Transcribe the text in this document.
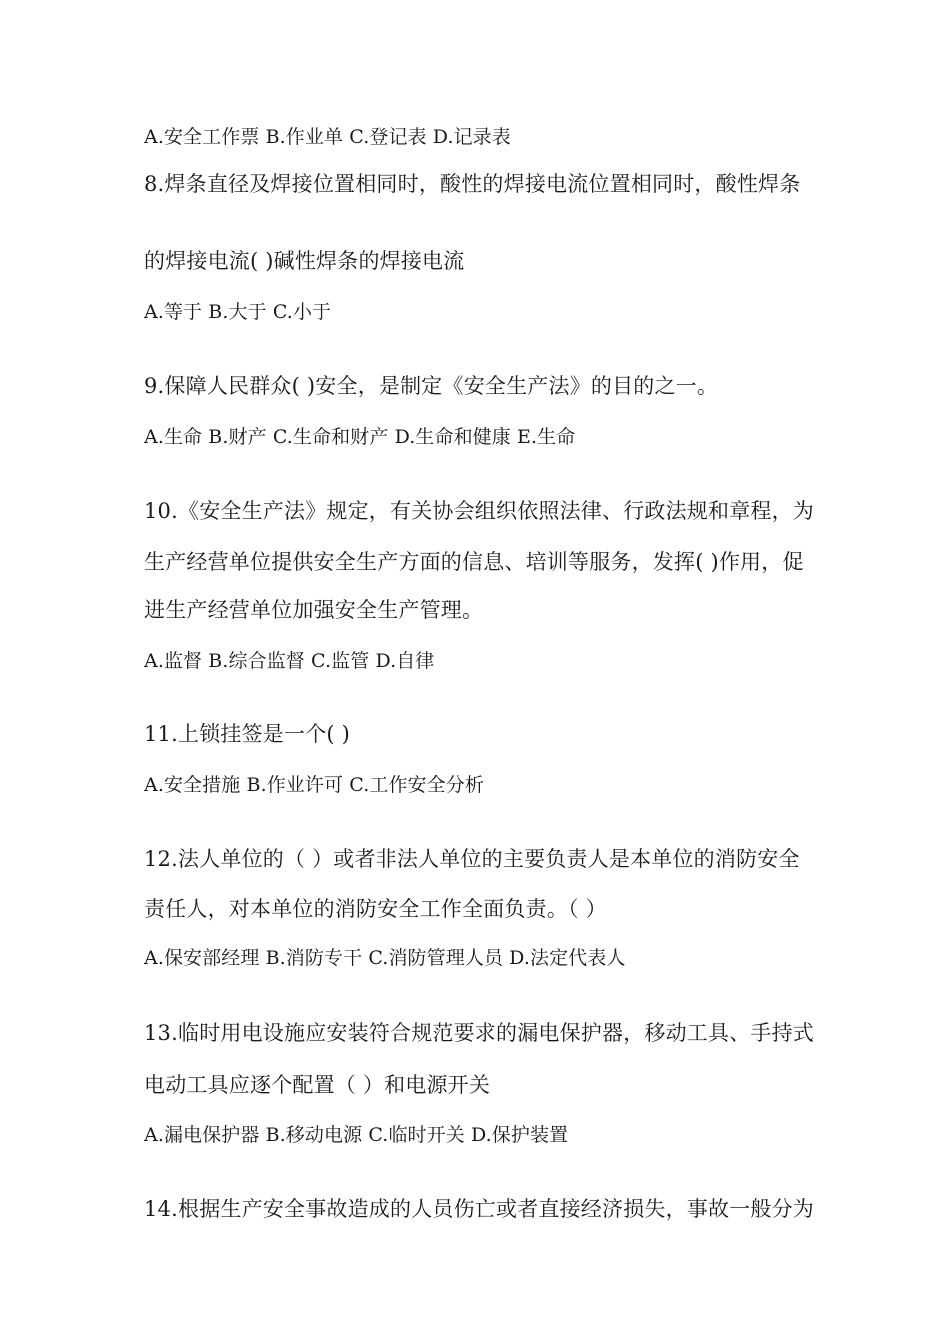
A.安全工作票 B.作业单 C.登记表 D.记录表
8.焊条直径及焊接位置相同时，酸性的焊接电流位置相同时，酸性焊条
的焊接电流( )碱性焊条的焊接电流
A.等于 B.大于 C.小于
9.保障人民群众( )安全，是制定《安全生产法》的目的之一。
A.生命 B.财产 C.生命和财产 D.生命和健康 E.生命
10.《安全生产法》规定，有关协会组织依照法律、行政法规和章程，为
生产经营单位提供安全生产方面的信息、培训等服务，发挥( )作用，促
进生产经营单位加强安全生产管理。
A.监督 B.综合监督 C.监管 D.自律
11.上锁挂签是一个( )
A.安全措施 B.作业许可 C.工作安全分析
12.法人单位的（ ）或者非法人单位的主要负责人是本单位的消防安全
责任人，对本单位的消防安全工作全面负责。（ ）
A.保安部经理 B.消防专干 C.消防管理人员 D.法定代表人
13.临时用电设施应安装符合规范要求的漏电保护器，移动工具、手持式
电动工具应逐个配置（ ）和电源开关
A.漏电保护器 B.移动电源 C.临时开关 D.保护装置
14.根据生产安全事故造成的人员伤亡或者直接经济损失，事故一般分为
